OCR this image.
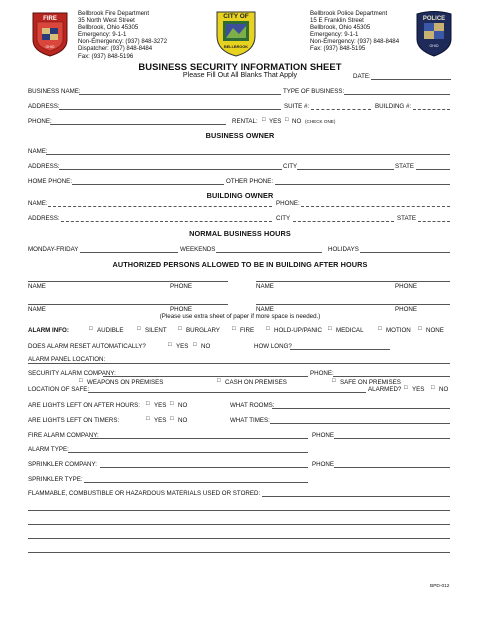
FIRE
OHIO
Bellbrook Fire Department
35 North West Street
Bellbrook, Ohio 45305
Emergency: 9-1-1
Non-Emergency: (937) 848-3272
Dispatcher: (937) 848-8484
Fax: (937) 848-5196
CITY OF
BELLBROOK
Bellbrook Police Department
15 E Franklin Street
Bellbrook, Ohio 45305
Emergency: 9-1-1
Non-Emergency: (937) 848-8484
Fax: (937) 848-5195
POLICE
OHIO
BUSINESS SECURITY INFORMATION SHEET
Please Fill Out All Blanks That Apply	DATE:
BUSINESS NAME:	TYPE OF BUSINESS:
ADDRESS:	SUITE #:	BUILDING #:
PHONE:	RENTAL: □ YES □ NO (CHECK ONE)
BUSINESS OWNER
NAME:
ADDRESS:	CITY	STATE
HOME PHONE:	OTHER PHONE:
BUILDING OWNER
NAME:	PHONE:
ADDRESS:	CITY	STATE
NORMAL BUSINESS HOURS
MONDAY-FRIDAY	WEEKENDS	HOLIDAYS
AUTHORIZED PERSONS ALLOWED TO BE IN BUILDING AFTER HOURS
NAME	PHONE	NAME	PHONE
NAME	PHONE	NAME	PHONE
(Please use extra sheet of paper if more space is needed.)
ALARM INFO:	□ AUDIBLE □ SILENT □ BURGLARY □ FIRE □ HOLD-UP/PANIC □ MEDICAL □ MOTION □ NONE
DOES ALARM RESET AUTOMATICALLY?	□ YES □ NO	HOW LONG?
ALARM PANEL LOCATION:
SECURITY ALARM COMPANY:	PHONE:
□ WEAPONS ON PREMISES	□ CASH ON PREMISES	□ SAFE ON PREMISES
LOCATION OF SAFE:	ALARMED? □ YES □ NO
ARE LIGHTS LEFT ON AFTER HOURS: □ YES □ NO	WHAT ROOMS:
ARE LIGHTS LEFT ON TIMERS:	□ YES □ NO	WHAT TIMES:
FIRE ALARM COMPANY:	PHONE
ALARM TYPE:
SPRINKLER COMPANY:	PHONE
SPRINKLER TYPE:
FLAMMABLE, COMBUSTIBLE OR HAZARDOUS MATERIALS USED OR STORED:
BPD-012
